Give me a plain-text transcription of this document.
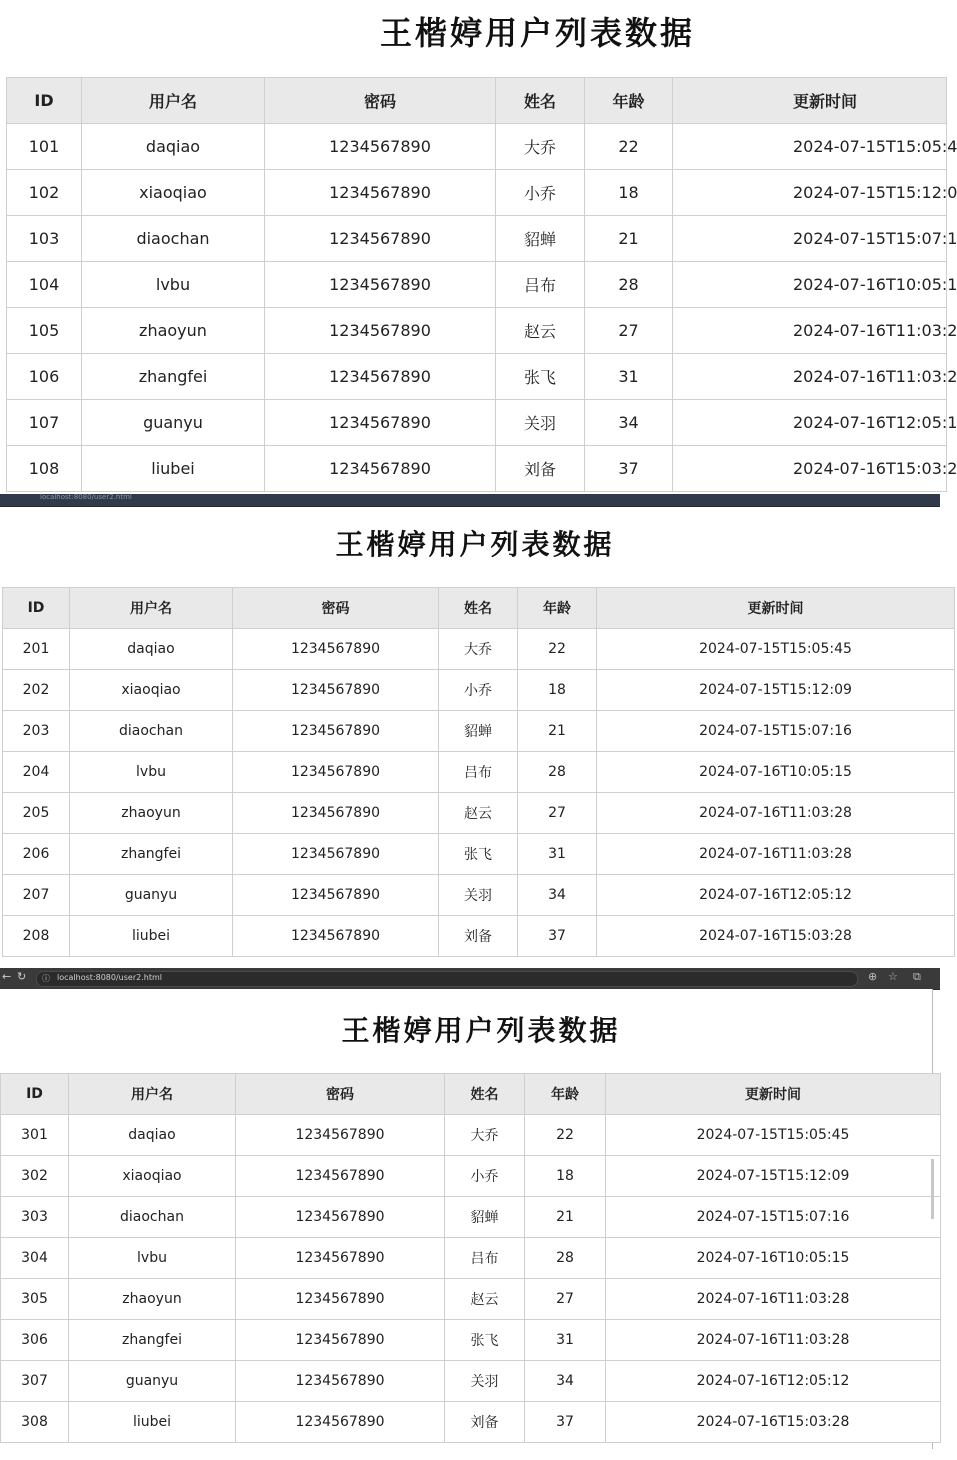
王楷婷用户列表数据
ID	用户名	密码	姓名	年龄	更新时间
101	daqiao	1234567890	大乔	22	2024-07-15T15:05:4
102	xiaoqiao	1234567890	小乔	18	2024-07-15T15:12:0
103	diaochan	1234567890	貂蝉	21	2024-07-15T15:07:1
104	lvbu	1234567890	吕布	28	2024-07-16T10:05:1
105	zhaoyun	1234567890	赵云	27	2024-07-16T11:03:2
106	zhangfei	1234567890	张飞	31	2024-07-16T11:03:2
107	guanyu	1234567890	关羽	34	2024-07-16T12:05:1
108	liubei	1234567890	刘备	37	2024-07-16T15:03:2
localhost:8080/user2.html
王楷婷用户列表数据
ID	用户名	密码	姓名	年龄	更新时间
201	daqiao	1234567890	大乔	22	2024-07-15T15:05:45
202	xiaoqiao	1234567890	小乔	18	2024-07-15T15:12:09
203	diaochan	1234567890	貂蝉	21	2024-07-15T15:07:16
204	lvbu	1234567890	吕布	28	2024-07-16T10:05:15
205	zhaoyun	1234567890	赵云	27	2024-07-16T11:03:28
206	zhangfei	1234567890	张飞	31	2024-07-16T11:03:28
207	guanyu	1234567890	关羽	34	2024-07-16T12:05:12
208	liubei	1234567890	刘备	37	2024-07-16T15:03:28
← ↻ ⓘ localhost:8080/user2.html	⊕ ☆ ⧉
王楷婷用户列表数据
ID	用户名	密码	姓名	年龄	更新时间
301	daqiao	1234567890	大乔	22	2024-07-15T15:05:45
302	xiaoqiao	1234567890	小乔	18	2024-07-15T15:12:09
303	diaochan	1234567890	貂蝉	21	2024-07-15T15:07:16
304	lvbu	1234567890	吕布	28	2024-07-16T10:05:15
305	zhaoyun	1234567890	赵云	27	2024-07-16T11:03:28
306	zhangfei	1234567890	张飞	31	2024-07-16T11:03:28
307	guanyu	1234567890	关羽	34	2024-07-16T12:05:12
308	liubei	1234567890	刘备	37	2024-07-16T15:03:28
